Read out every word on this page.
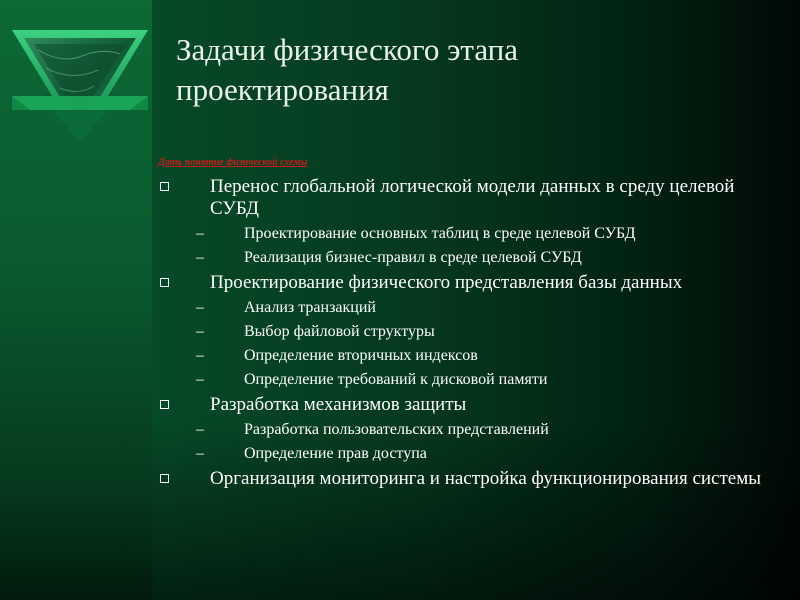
Задачи физического этапа
проектирования
Дать понятие физической схемы
Перенос глобальной логической модели данных в среду целевой СУБД
–	Проектирование основных таблиц в среде целевой СУБД
–	Реализация бизнес-правил в среде целевой СУБД
Проектирование физического представления базы данных
–	Анализ транзакций
–	Выбор файловой структуры
–	Определение вторичных индексов
–	Определение требований к дисковой памяти
Разработка механизмов защиты
–	Разработка пользовательских представлений
–	Определение прав доступа
Организация мониторинга и настройка функционирования системы
